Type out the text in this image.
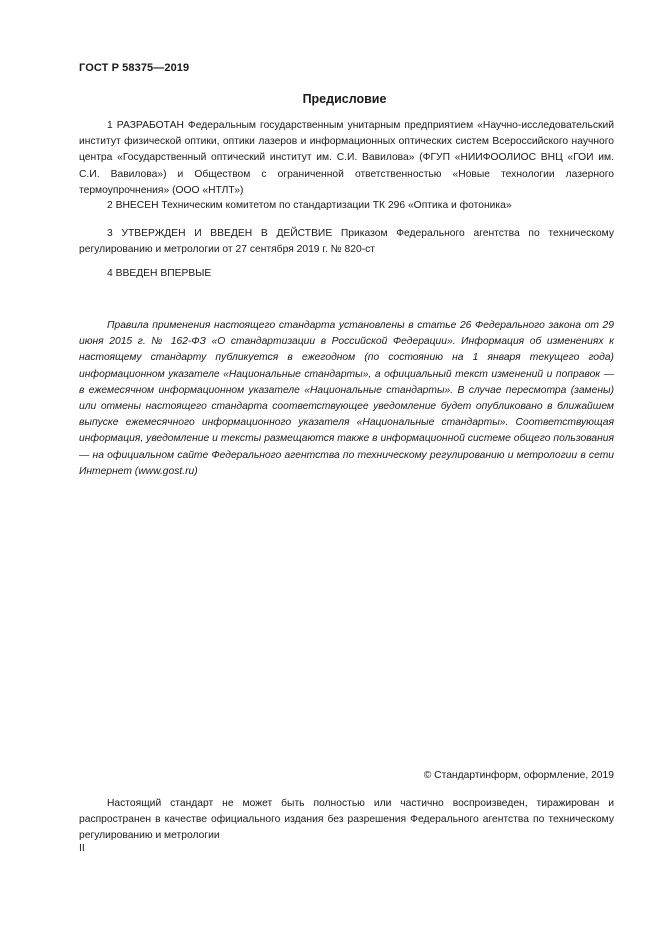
ГОСТ Р 58375—2019
Предисловие

1 РАЗРАБОТАН Федеральным государственным унитарным предприятием «Научно-исследовательский институт физической оптики, оптики лазеров и информационных оптических систем Всероссийского научного центра «Государственный оптический институт им. С.И. Вавилова» (ФГУП «НИИФООЛИОС ВНЦ «ГОИ им. С.И. Вавилова») и Обществом с ограниченной ответственностью «Новые технологии лазерного термоупрочнения» (ООО «НТЛТ»)

2 ВНЕСЕН Техническим комитетом по стандартизации ТК 296 «Оптика и фотоника»

3 УТВЕРЖДЕН И ВВЕДЕН В ДЕЙСТВИЕ Приказом Федерального агентства по техническому регулированию и метрологии от 27 сентября 2019 г. № 820-ст

4 ВВЕДЕН ВПЕРВЫЕ

Правила применения настоящего стандарта установлены в статье 26 Федерального закона от 29 июня 2015 г. № 162-ФЗ «О стандартизации в Российской Федерации». Информация об изменениях к настоящему стандарту публикуется в ежегодном (по состоянию на 1 января текущего года) информационном указателе «Национальные стандарты», а официальный текст изменений и поправок — в ежемесячном информационном указателе «Национальные стандарты». В случае пересмотра (замены) или отмены настоящего стандарта соответствующее уведомление будет опубликовано в ближайшем выпуске ежемесячного информационного указателя «Национальные стандарты». Соответствующая информация, уведомление и тексты размещаются также в информационной системе общего пользования — на официальном сайте Федерального агентства по техническому регулированию и метрологии в сети Интернет (www.gost.ru)

© Стандартинформ, оформление, 2019

Настоящий стандарт не может быть полностью или частично воспроизведен, тиражирован и распространен в качестве официального издания без разрешения Федерального агентства по техническому регулированию и метрологии

II
